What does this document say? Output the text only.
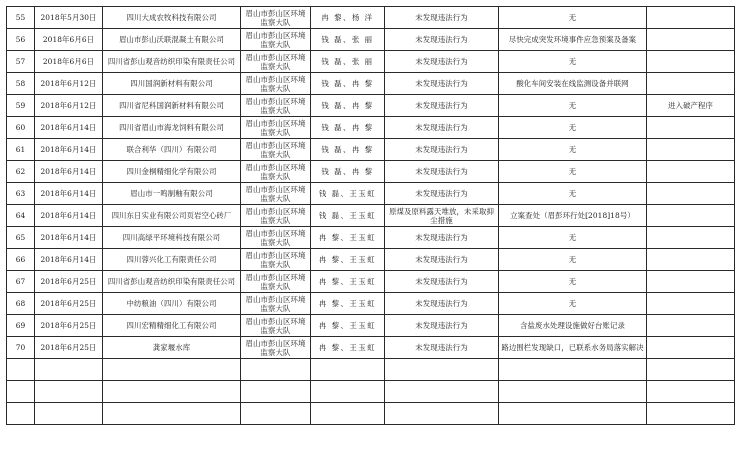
55	2018年5月30日	四川大成农牧科技有限公司	眉山市彭山区环境监察大队	冉 黎、杨 洋	未发现违法行为	无	
56	2018年6月6日	眉山市彭山沃联混凝土有限公司	眉山市彭山区环境监察大队	钱 磊、张 丽	未发现违法行为	尽快完成突发环境事件应急预案及备案	
57	2018年6月6日	四川省彭山观音纺织印染有限责任公司	眉山市彭山区环境监察大队	钱 磊、张 丽	未发现违法行为	无	
58	2018年6月12日	四川国润新材料有限公司	眉山市彭山区环境监察大队	钱 磊、冉 黎	未发现违法行为	酸化车间安装在线监测设备并联网	
59	2018年6月12日	四川省尼科国润新材料有限公司	眉山市彭山区环境监察大队	钱 磊、冉 黎	未发现违法行为	无	进入破产程序
60	2018年6月14日	四川省眉山市海龙饲料有限公司	眉山市彭山区环境监察大队	钱 磊、冉 黎	未发现违法行为	无	
61	2018年6月14日	联合利华（四川）有限公司	眉山市彭山区环境监察大队	钱 磊、冉 黎	未发现违法行为	无	
62	2018年6月14日	四川金桐精细化学有限公司	眉山市彭山区环境监察大队	钱 磊、冉 黎	未发现违法行为	无	
63	2018年6月14日	眉山市一鸣制釉有限公司	眉山市彭山区环境监察大队	钱 磊、王玉虹	未发现违法行为	无	
64	2018年6月14日	四川东日实业有限公司页岩空心砖厂	眉山市彭山区环境监察大队	钱 磊、王玉虹	原煤及原料露天堆放，未采取抑尘措施	立案查处（眉彭环行处[2018]18号）	
65	2018年6月14日	四川高绿平环境科技有限公司	眉山市彭山区环境监察大队	冉 黎、王玉虹	未发现违法行为	无	
66	2018年6月14日	四川蓉兴化工有限责任公司	眉山市彭山区环境监察大队	冉 黎、王玉虹	未发现违法行为	无	
67	2018年6月25日	四川省彭山观音纺织印染有限责任公司	眉山市彭山区环境监察大队	冉 黎、王玉虹	未发现违法行为	无	
68	2018年6月25日	中纺粮油（四川）有限公司	眉山市彭山区环境监察大队	冉 黎、王玉虹	未发现违法行为	无	
69	2018年6月25日	四川宏精精细化工有限公司	眉山市彭山区环境监察大队	冉 黎、王玉虹	未发现违法行为	含盐废水处理设施做好台账记录	
70	2018年6月25日	龚家堰水库	眉山市彭山区环境监察大队	冉 黎、王玉虹	未发现违法行为	路边围栏发现缺口，已联系水务局落实解决	
